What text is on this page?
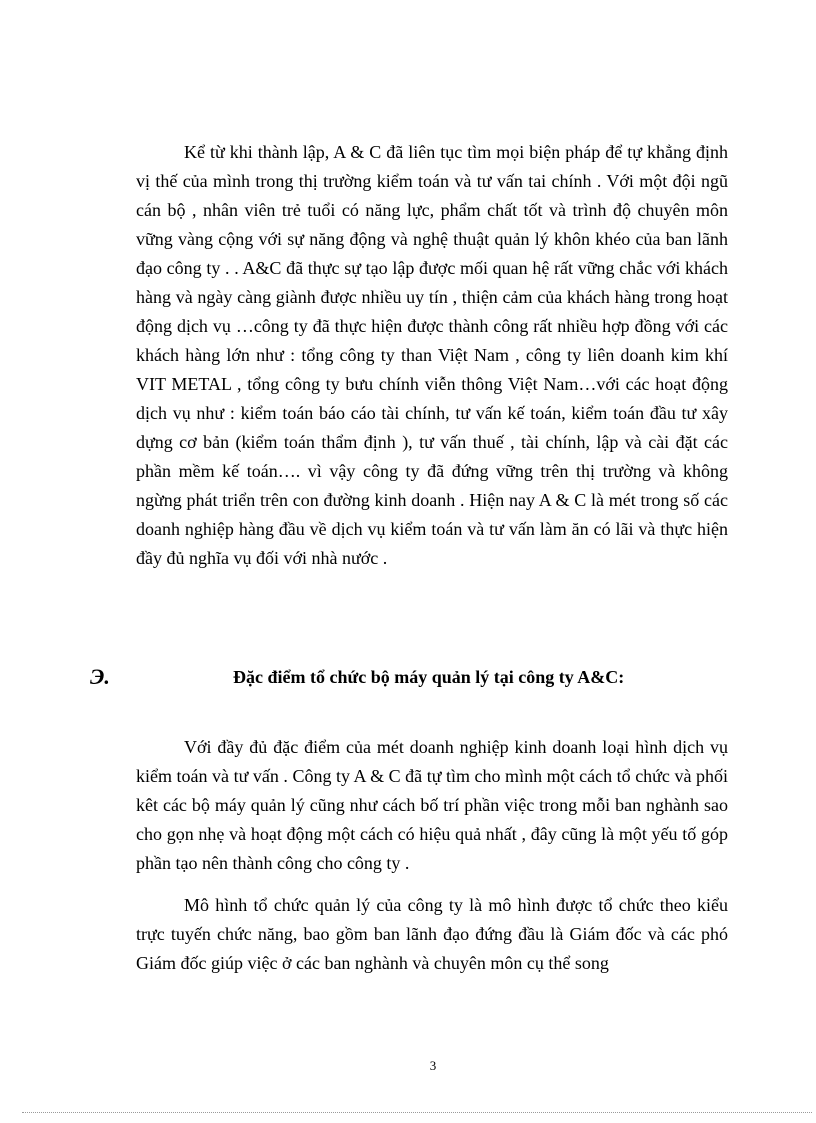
Kể từ khi thành lập, A & C đã liên tục tìm mọi biện pháp để tự khẳng định vị thế của mình trong thị trường kiểm toán và tư vấn tai chính . Với một đội ngũ cán bộ , nhân viên trẻ tuổi có năng lực, phẩm chất tốt và trình độ chuyên môn vững vàng cộng với sự năng động và nghệ thuật quản lý khôn khéo của ban lãnh đạo công ty . . A&C đã thực sự tạo lập được mối quan hệ rất vững chắc với khách hàng và ngày càng giành được nhiều uy tín , thiện cảm của khách hàng trong hoạt động dịch vụ …công ty đã thực hiện được thành công rất nhiều hợp đồng với các khách hàng lớn như : tổng công ty than Việt Nam , công ty liên doanh kim khí VIT METAL , tổng công ty bưu chính viễn thông Việt Nam…với các hoạt động dịch vụ như : kiểm toán báo cáo tài chính, tư vấn kế toán, kiểm toán đầu tư xây dựng cơ bản (kiểm toán thẩm định ), tư vấn thuế , tài chính, lập và cài đặt các phần mềm kế toán…. vì vậy công ty đã đứng vững trên thị trường và không ngừng phát triển trên con đường kinh doanh . Hiện nay A & C là mét trong số các doanh nghiệp hàng đầu về dịch vụ kiểm toán và tư vấn làm ăn có lãi và thực hiện đầy đủ nghĩa vụ đối với nhà nước .

Э.	Đặc điểm tổ chức bộ máy quản lý tại công ty A&C:

Với đầy đủ đặc điểm của mét doanh nghiệp kinh doanh loại hình dịch vụ kiểm toán và tư vấn . Công ty A & C đã tự tìm cho mình một cách tổ chức và phối kêt các bộ máy quản lý cũng như cách bố trí phần việc trong mỗi ban nghành sao cho gọn nhẹ và hoạt động một cách có hiệu quả nhất , đây cũng là một yếu tố góp phần tạo nên thành công cho công ty .

Mô hình tổ chức quản lý của công ty là mô hình được tổ chức theo kiểu trực tuyến chức năng, bao gồm ban lãnh đạo đứng đầu là Giám đốc và các phó Giám đốc giúp việc ở các ban nghành và chuyên môn cụ thể song

3
